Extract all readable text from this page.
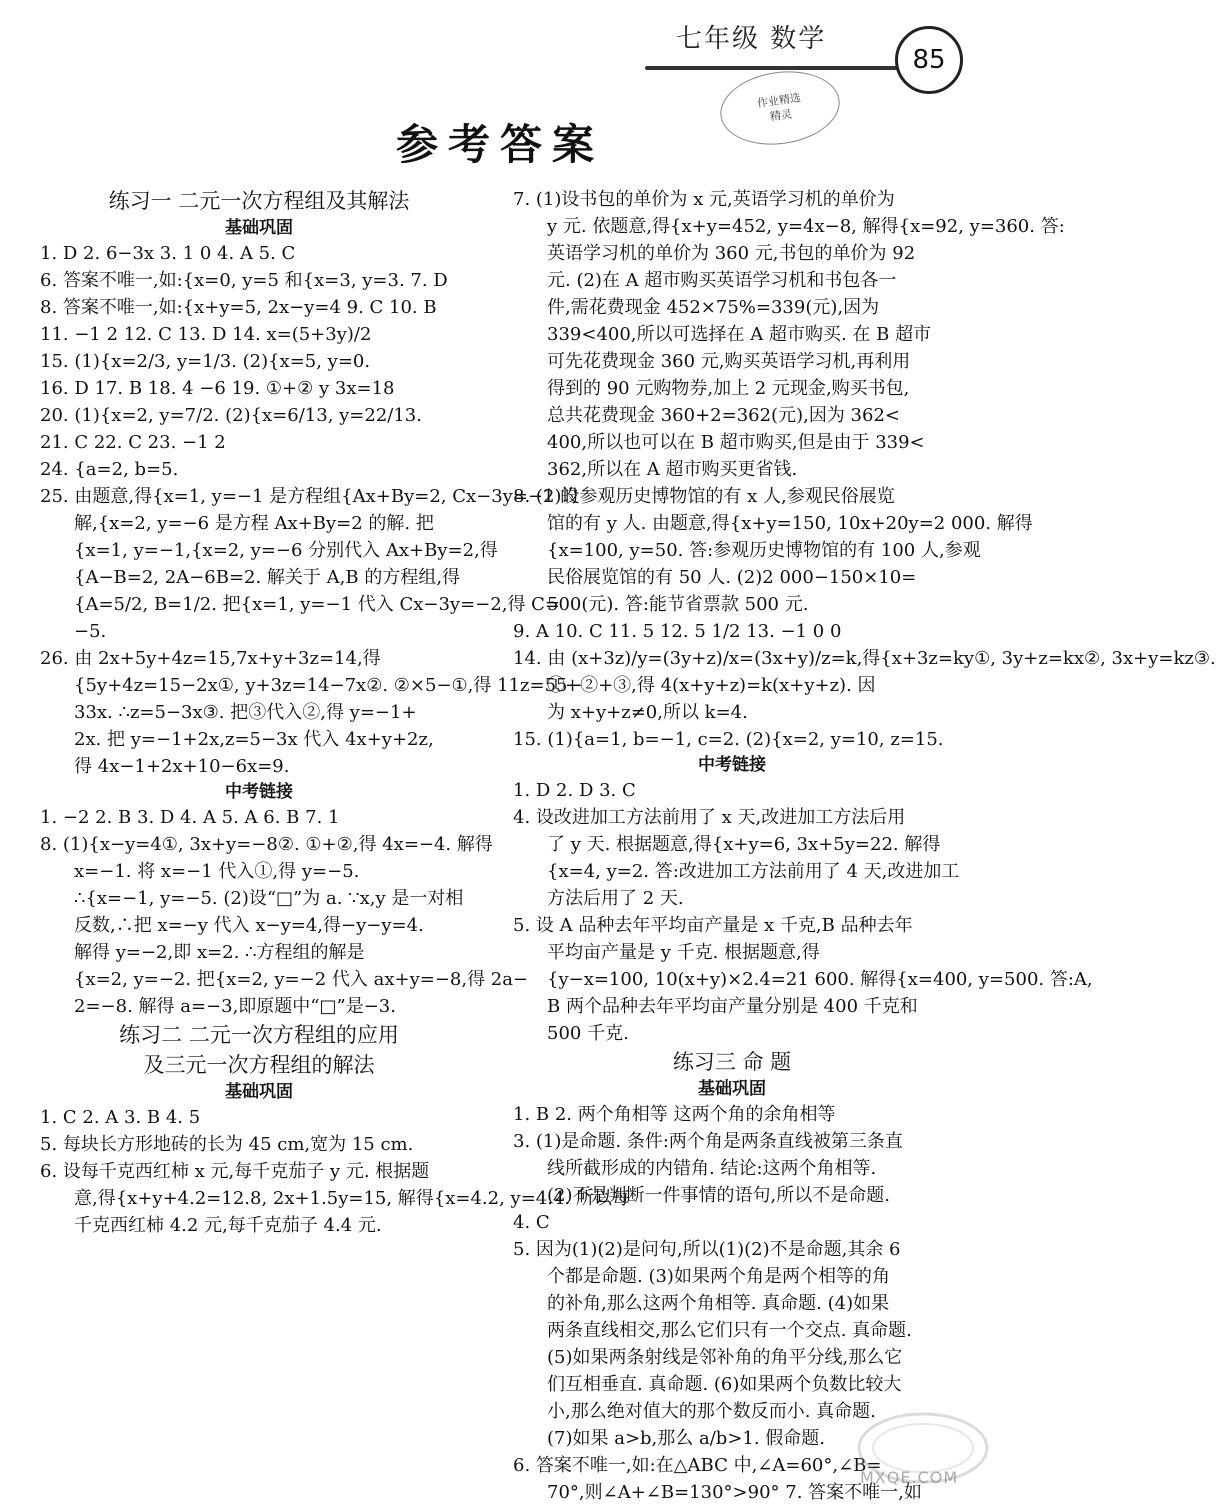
七年级 数学
85
作业精选
精灵
参考答案
练习一 二元一次方程组及其解法
基础巩固
1. D 2. 6−3x 3. 1 0 4. A 5. C
6. 答案不唯一,如:{x=0, y=5 和{x=3, y=3. 7. D
8. 答案不唯一,如:{x+y=5, 2x−y=4 9. C 10. B
11. −1 2 12. C 13. D 14. x=(5+3y)/2
15. (1){x=2/3, y=1/3. (2){x=5, y=0.
16. D 17. B 18. 4 −6 19. ①+② y 3x=18
20. (1){x=2, y=7/2. (2){x=6/13, y=22/13.
21. C 22. C 23. −1 2
24. {a=2, b=5.
25. 由题意,得{x=1, y=−1 是方程组{Ax+By=2, Cx−3y=−2 的
解,{x=2, y=−6 是方程 Ax+By=2 的解. 把
{x=1, y=−1,{x=2, y=−6 分别代入 Ax+By=2,得
{A−B=2, 2A−6B=2. 解关于 A,B 的方程组,得
{A=5/2, B=1/2. 把{x=1, y=−1 代入 Cx−3y=−2,得 C=
−5.
26. 由 2x+5y+4z=15,7x+y+3z=14,得
{5y+4z=15−2x①, y+3z=14−7x②. ②×5−①,得 11z=55−
33x. ∴z=5−3x③. 把③代入②,得 y=−1+
2x. 把 y=−1+2x,z=5−3x 代入 4x+y+2z,
得 4x−1+2x+10−6x=9.
中考链接
1. −2 2. B 3. D 4. A 5. A 6. B 7. 1
8. (1){x−y=4①, 3x+y=−8②. ①+②,得 4x=−4. 解得
x=−1. 将 x=−1 代入①,得 y=−5.
∴{x=−1, y=−5. (2)设“□”为 a. ∵x,y 是一对相
反数,∴把 x=−y 代入 x−y=4,得−y−y=4.
解得 y=−2,即 x=2. ∴方程组的解是
{x=2, y=−2. 把{x=2, y=−2 代入 ax+y=−8,得 2a−
2=−8. 解得 a=−3,即原题中“□”是−3.
练习二 二元一次方程组的应用
及三元一次方程组的解法
基础巩固
1. C 2. A 3. B 4. 5
5. 每块长方形地砖的长为 45 cm,宽为 15 cm.
6. 设每千克西红柿 x 元,每千克茄子 y 元. 根据题
意,得{x+y+4.2=12.8, 2x+1.5y=15, 解得{x=4.2, y=4.4. 所以每
千克西红柿 4.2 元,每千克茄子 4.4 元.
7. (1)设书包的单价为 x 元,英语学习机的单价为
y 元. 依题意,得{x+y=452, y=4x−8, 解得{x=92, y=360. 答:
英语学习机的单价为 360 元,书包的单价为 92
元. (2)在 A 超市购买英语学习机和书包各一
件,需花费现金 452×75%=339(元),因为
339<400,所以可选择在 A 超市购买. 在 B 超市
可先花费现金 360 元,购买英语学习机,再利用
得到的 90 元购物券,加上 2 元现金,购买书包,
总共花费现金 360+2=362(元),因为 362<
400,所以也可以在 B 超市购买,但是由于 339<
362,所以在 A 超市购买更省钱.
8. (1)设参观历史博物馆的有 x 人,参观民俗展览
馆的有 y 人. 由题意,得{x+y=150, 10x+20y=2 000. 解得
{x=100, y=50. 答:参观历史博物馆的有 100 人,参观
民俗展览馆的有 50 人. (2)2 000−150×10=
500(元). 答:能节省票款 500 元.
9. A 10. C 11. 5 12. 5 1/2 13. −1 0 0
14. 由 (x+3z)/y=(3y+z)/x=(3x+y)/z=k,得{x+3z=ky①, 3y+z=kx②, 3x+y=kz③.
①+②+③,得 4(x+y+z)=k(x+y+z). 因
为 x+y+z≠0,所以 k=4.
15. (1){a=1, b=−1, c=2. (2){x=2, y=10, z=15.
中考链接
1. D 2. D 3. C
4. 设改进加工方法前用了 x 天,改进加工方法后用
了 y 天. 根据题意,得{x+y=6, 3x+5y=22. 解得
{x=4, y=2. 答:改进加工方法前用了 4 天,改进加工
方法后用了 2 天.
5. 设 A 品种去年平均亩产量是 x 千克,B 品种去年
平均亩产量是 y 千克. 根据题意,得
{y−x=100, 10(x+y)×2.4=21 600. 解得{x=400, y=500. 答:A,
B 两个品种去年平均亩产量分别是 400 千克和
500 千克.
练习三 命 题
基础巩固
1. B 2. 两个角相等 这两个角的余角相等
3. (1)是命题. 条件:两个角是两条直线被第三条直
线所截形成的内错角. 结论:这两个角相等.
(2)不是判断一件事情的语句,所以不是命题.
4. C
5. 因为(1)(2)是问句,所以(1)(2)不是命题,其余 6
个都是命题. (3)如果两个角是两个相等的角
的补角,那么这两个角相等. 真命题. (4)如果
两条直线相交,那么它们只有一个交点. 真命题.
(5)如果两条射线是邻补角的角平分线,那么它
们互相垂直. 真命题. (6)如果两个负数比较大
小,那么绝对值大的那个数反而小. 真命题.
(7)如果 a>b,那么 a/b>1. 假命题.
6. 答案不唯一,如:在△ABC 中,∠A=60°,∠B=
70°,则∠A+∠B=130°>90° 7. 答案不唯一,如
MXQE.COM
